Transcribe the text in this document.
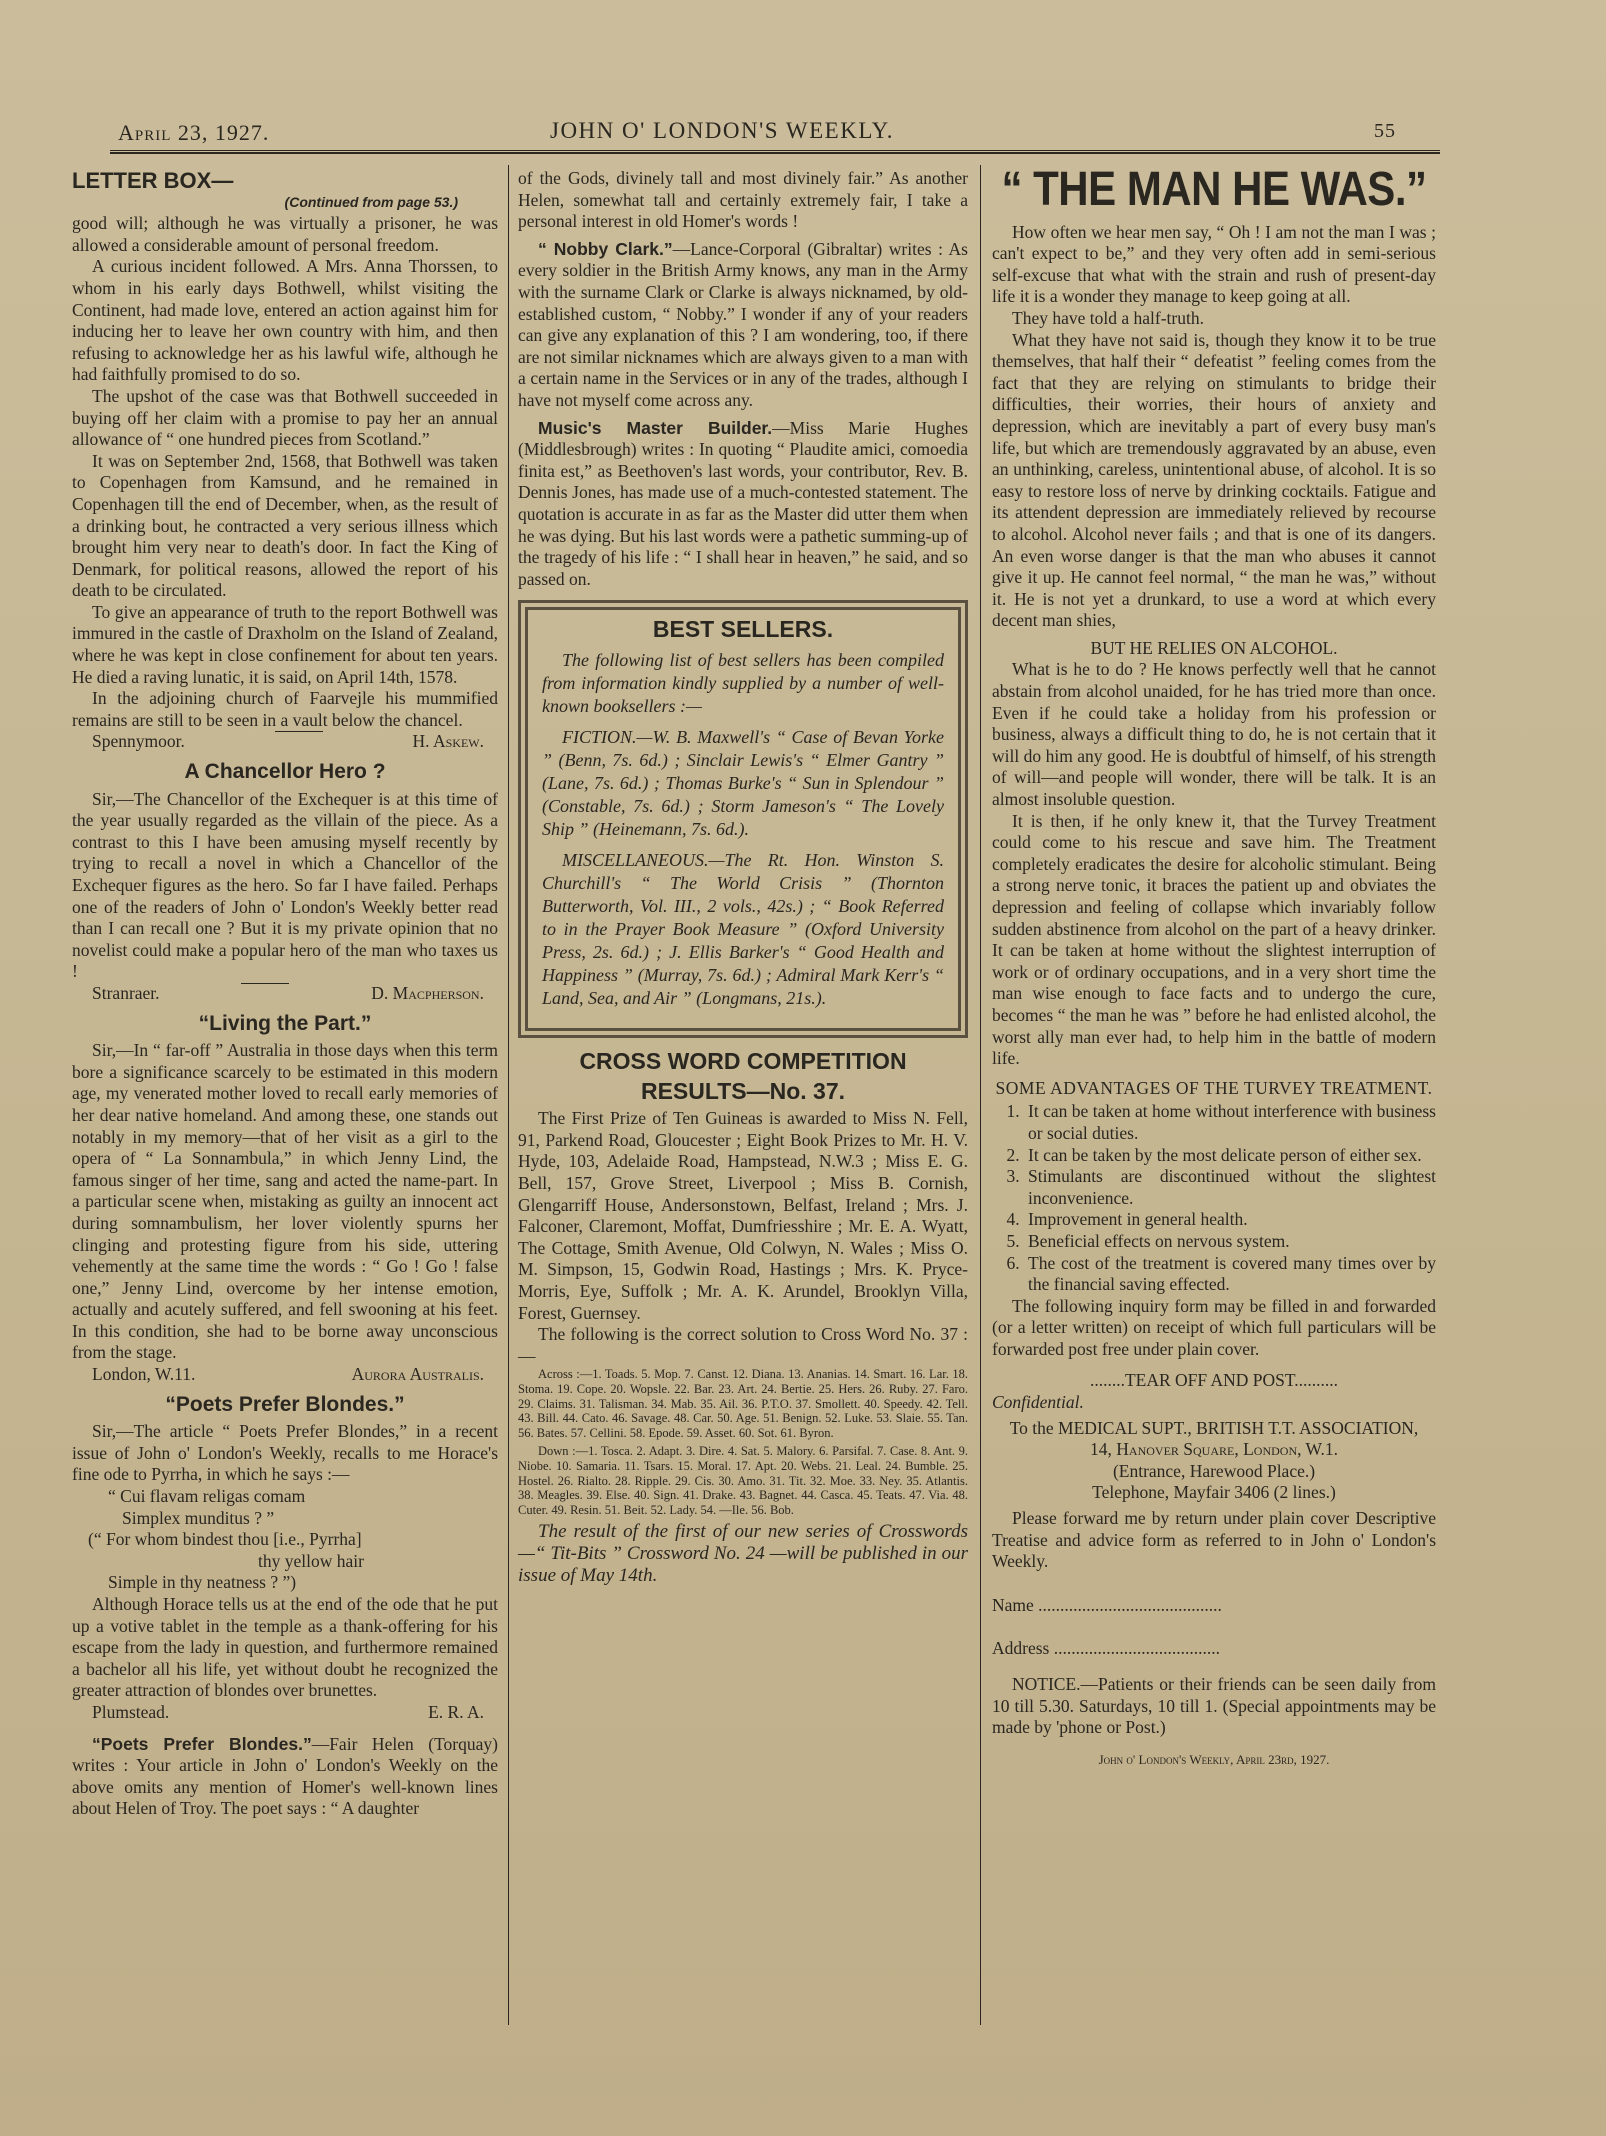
April 23, 1927.	JOHN O' LONDON'S WEEKLY.	55
LETTER BOX—
(Continued from page 53.)

good will; although he was virtually a prisoner, he was allowed a considerable amount of personal freedom.

A curious incident followed. A Mrs. Anna Thorssen, to whom in his early days Bothwell, whilst visiting the Continent, had made love, entered an action against him for inducing her to leave her own country with him, and then refusing to acknowledge her as his lawful wife, although he had faithfully promised to do so.

The upshot of the case was that Bothwell succeeded in buying off her claim with a promise to pay her an annual allowance of “ one hundred pieces from Scotland.”

It was on September 2nd, 1568, that Bothwell was taken to Copenhagen from Kamsund, and he remained in Copenhagen till the end of December, when, as the result of a drinking bout, he contracted a very serious illness which brought him very near to death's door. In fact the King of Denmark, for political reasons, allowed the report of his death to be circulated.

To give an appearance of truth to the report Bothwell was immured in the castle of Draxholm on the Island of Zealand, where he was kept in close confinement for about ten years. He died a raving lunatic, it is said, on April 14th, 1578.

In the adjoining church of Faarvejle his mummified remains are still to be seen in a vault below the chancel.

Spennymoor.	H. Askew.
A Chancellor Hero ?

Sir,—The Chancellor of the Exchequer is at this time of the year usually regarded as the villain of the piece. As a contrast to this I have been amusing myself recently by trying to recall a novel in which a Chancellor of the Exchequer figures as the hero. So far I have failed. Perhaps one of the readers of John o' London's Weekly better read than I can recall one ? But it is my private opinion that no novelist could make a popular hero of the man who taxes us !

Stranraer.	D. Macpherson.
“Living the Part.”

Sir,—In “ far-off ” Australia in those days when this term bore a significance scarcely to be estimated in this modern age, my venerated mother loved to recall early memories of her dear native homeland. And among these, one stands out notably in my memory—that of her visit as a girl to the opera of “ La Sonnambula,” in which Jenny Lind, the famous singer of her time, sang and acted the name-part. In a particular scene when, mistaking as guilty an innocent act during somnambulism, her lover violently spurns her clinging and protesting figure from his side, uttering vehemently at the same time the words : “ Go ! Go ! false one,” Jenny Lind, overcome by her intense emotion, actually and acutely suffered, and fell swooning at his feet. In this condition, she had to be borne away unconscious from the stage.

London, W.11.	Aurora Australis.
“Poets Prefer Blondes.”

Sir,—The article “ Poets Prefer Blondes,” in a recent issue of John o' London's Weekly, recalls to me Horace's fine ode to Pyrrha, in which he says :—

“ Cui flavam religas comam
Simplex munditus ? ”
(“ For whom bindest thou [i.e., Pyrrha]
thy yellow hair
Simple in thy neatness ? ”)

Although Horace tells us at the end of the ode that he put up a votive tablet in the temple as a thank-offering for his escape from the lady in question, and furthermore remained a bachelor all his life, yet without doubt he recognized the greater attraction of blondes over brunettes.

Plumstead.	E. R. A.

“Poets Prefer Blondes.”—Fair Helen (Torquay) writes : Your article in John o' London's Weekly on the above omits any mention of Homer's well-known lines about Helen of Troy. The poet says : “ A daughter

of the Gods, divinely tall and most divinely fair.” As another Helen, somewhat tall and certainly extremely fair, I take a personal interest in old Homer's words !

“ Nobby Clark.”—Lance-Corporal (Gibraltar) writes : As every soldier in the British Army knows, any man in the Army with the surname Clark or Clarke is always nicknamed, by old-established custom, “ Nobby.” I wonder if any of your readers can give any explanation of this ? I am wondering, too, if there are not similar nicknames which are always given to a man with a certain name in the Services or in any of the trades, although I have not myself come across any.

Music's Master Builder.—Miss Marie Hughes (Middlesbrough) writes : In quoting “ Plaudite amici, comoedia finita est,” as Beethoven's last words, your contributor, Rev. B. Dennis Jones, has made use of a much-contested statement. The quotation is accurate in as far as the Master did utter them when he was dying. But his last words were a pathetic summing-up of the tragedy of his life : “ I shall hear in heaven,” he said, and so passed on.

BEST SELLERS.

The following list of best sellers has been compiled from information kindly supplied by a number of well-known booksellers :—

FICTION.—W. B. Maxwell's “ Case of Bevan Yorke ” (Benn, 7s. 6d.) ; Sinclair Lewis's “ Elmer Gantry ” (Lane, 7s. 6d.) ; Thomas Burke's “ Sun in Splendour ” (Constable, 7s. 6d.) ; Storm Jameson's “ The Lovely Ship ” (Heinemann, 7s. 6d.).

MISCELLANEOUS.—The Rt. Hon. Winston S. Churchill's “ The World Crisis ” (Thornton Butterworth, Vol. III., 2 vols., 42s.) ; “ Book Referred to in the Prayer Book Measure ” (Oxford University Press, 2s. 6d.) ; J. Ellis Barker's “ Good Health and Happiness ” (Murray, 7s. 6d.) ; Admiral Mark Kerr's “ Land, Sea, and Air ” (Longmans, 21s.).

CROSS WORD COMPETITION
RESULTS—No. 37.

The First Prize of Ten Guineas is awarded to Miss N. Fell, 91, Parkend Road, Gloucester ; Eight Book Prizes to Mr. H. V. Hyde, 103, Adelaide Road, Hampstead, N.W.3 ; Miss E. G. Bell, 157, Grove Street, Liverpool ; Miss B. Cornish, Glengarriff House, Andersonstown, Belfast, Ireland ; Mrs. J. Falconer, Claremont, Moffat, Dumfriesshire ; Mr. E. A. Wyatt, The Cottage, Smith Avenue, Old Colwyn, N. Wales ; Miss O. M. Simpson, 15, Godwin Road, Hastings ; Mrs. K. Pryce-Morris, Eye, Suffolk ; Mr. A. K. Arundel, Brooklyn Villa, Forest, Guernsey.

The following is the correct solution to Cross Word No. 37 :—

Across :—1. Toads. 5. Mop. 7. Canst. 12. Diana. 13. Ananias. 14. Smart. 16. Lar. 18. Stoma. 19. Cope. 20. Wopsle. 22. Bar. 23. Art. 24. Bertie. 25. Hers. 26. Ruby. 27. Faro. 29. Claims. 31. Talisman. 34. Mab. 35. Ail. 36. P.T.O. 37. Smollett. 40. Speedy. 42. Tell. 43. Bill. 44. Cato. 46. Savage. 48. Car. 50. Age. 51. Benign. 52. Luke. 53. Slaie. 55. Tan. 56. Bates. 57. Cellini. 58. Epode. 59. Asset. 60. Sot. 61. Byron.

Down :—1. Tosca. 2. Adapt. 3. Dire. 4. Sat. 5. Malory. 6. Parsifal. 7. Case. 8. Ant. 9. Niobe. 10. Samaria. 11. Tsars. 15. Moral. 17. Apt. 20. Webs. 21. Leal. 24. Bumble. 25. Hostel. 26. Rialto. 28. Ripple. 29. Cis. 30. Amo. 31. Tit. 32. Moe. 33. Ney. 35. Atlantis. 38. Meagles. 39. Else. 40. Sign. 41. Drake. 43. Bagnet. 44. Casca. 45. Teats. 47. Via. 48. Cuter. 49. Resin. 51. Beit. 52. Lady. 54. —Ile. 56. Bob.

The result of the first of our new series of Crosswords—“ Tit-Bits ” Crossword No. 24 —will be published in our issue of May 14th.

“ THE MAN HE WAS.”

How often we hear men say, “ Oh ! I am not the man I was ; can't expect to be,” and they very often add in semi-serious self-excuse that what with the strain and rush of present-day life it is a wonder they manage to keep going at all.

They have told a half-truth.

What they have not said is, though they know it to be true themselves, that half their “ defeatist ” feeling comes from the fact that they are relying on stimulants to bridge their difficulties, their worries, their hours of anxiety and depression, which are inevitably a part of every busy man's life, but which are tremendously aggravated by an abuse, even an unthinking, careless, unintentional abuse, of alcohol. It is so easy to restore loss of nerve by drinking cocktails. Fatigue and its attendent depression are immediately relieved by recourse to alcohol. Alcohol never fails ; and that is one of its dangers. An even worse danger is that the man who abuses it cannot give it up. He cannot feel normal, “ the man he was,” without it. He is not yet a drunkard, to use a word at which every decent man shies,

BUT HE RELIES ON ALCOHOL.

What is he to do ? He knows perfectly well that he cannot abstain from alcohol unaided, for he has tried more than once. Even if he could take a holiday from his profession or business, always a difficult thing to do, he is not certain that it will do him any good. He is doubtful of himself, of his strength of will—and people will wonder, there will be talk. It is an almost insoluble question.

It is then, if he only knew it, that the Turvey Treatment could come to his rescue and save him. The Treatment completely eradicates the desire for alcoholic stimulant. Being a strong nerve tonic, it braces the patient up and obviates the depression and feeling of collapse which invariably follow sudden abstinence from alcohol on the part of a heavy drinker. It can be taken at home without the slightest interruption of work or of ordinary occupations, and in a very short time the man wise enough to face facts and to undergo the cure, becomes “ the man he was ” before he had enlisted alcohol, the worst ally man ever had, to help him in the battle of modern life.

SOME ADVANTAGES OF THE TURVEY TREATMENT.
1. It can be taken at home without interference with business or social duties.
2. It can be taken by the most delicate person of either sex.
3. Stimulants are discontinued without the slightest inconvenience.
4. Improvement in general health.
5. Beneficial effects on nervous system.
6. The cost of the treatment is covered many times over by the financial saving effected.

The following inquiry form may be filled in and forwarded (or a letter written) on receipt of which full particulars will be forwarded post free under plain cover.

........TEAR OFF AND POST..........
Confidential.
To the MEDICAL SUPT., BRITISH T.T. ASSOCIATION,
14, Hanover Square, London, W.1.
(Entrance, Harewood Place.)
Telephone, Mayfair 3406 (2 lines.)

Please forward me by return under plain cover Descriptive Treatise and advice form as referred to in John o' London's Weekly.

Name ..........................................
Address ......................................

NOTICE.—Patients or their friends can be seen daily from 10 till 5.30. Saturdays, 10 till 1. (Special appointments may be made by 'phone or Post.)

John o' London's Weekly, April 23rd, 1927.
